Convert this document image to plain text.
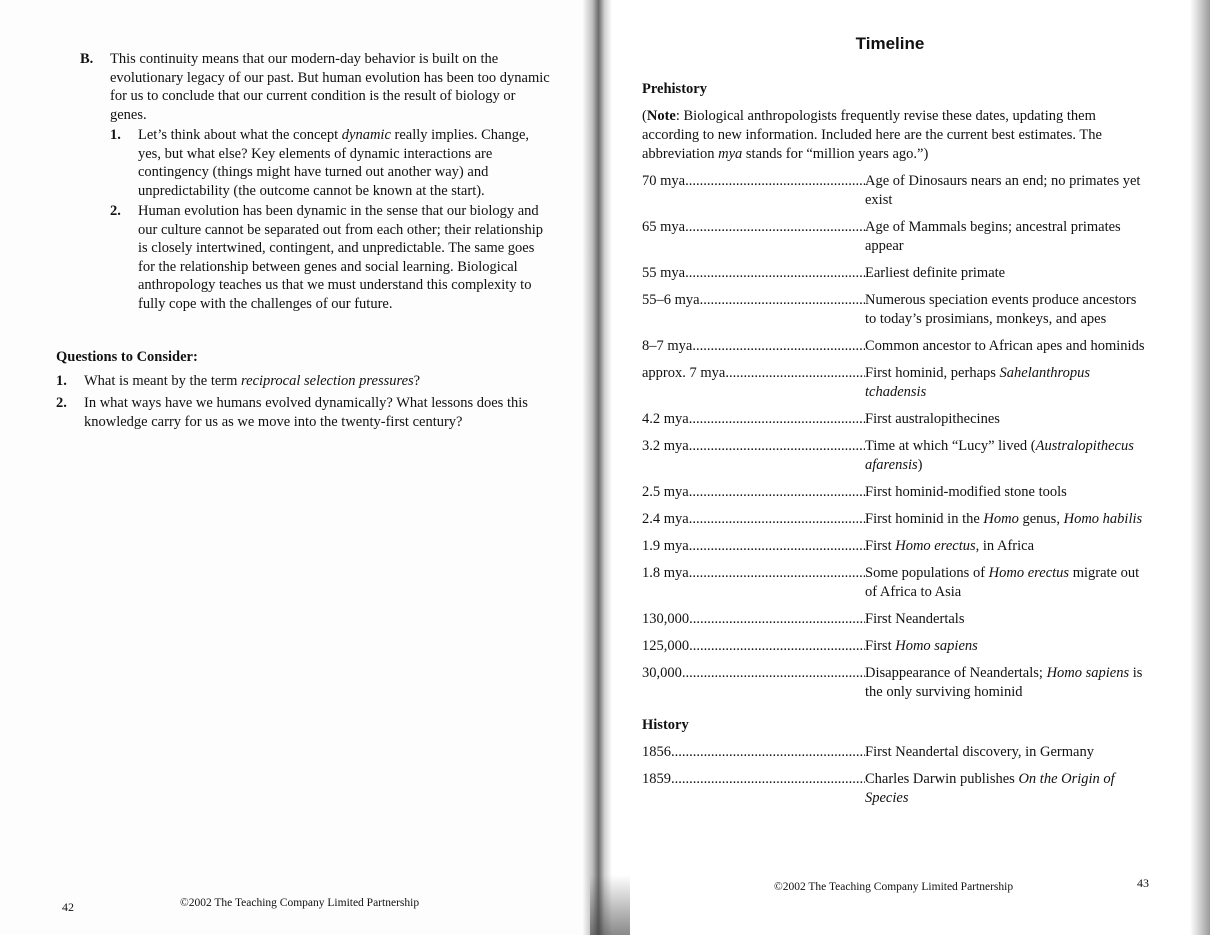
B. This continuity means that our modern-day behavior is built on the evolutionary legacy of our past. But human evolution has been too dynamic for us to conclude that our current condition is the result of biology or genes.
1. Let’s think about what the concept dynamic really implies. Change, yes, but what else? Key elements of dynamic interactions are contingency (things might have turned out another way) and unpredictability (the outcome cannot be known at the start).
2. Human evolution has been dynamic in the sense that our biology and our culture cannot be separated out from each other; their relationship is closely intertwined, contingent, and unpredictable. The same goes for the relationship between genes and social learning. Biological anthropology teaches us that we must understand this complexity to fully cope with the challenges of our future.
Questions to Consider:
1. What is meant by the term reciprocal selection pressures?
2. In what ways have we humans evolved dynamically? What lessons does this knowledge carry for us as we move into the twenty-first century?
42	©2002 The Teaching Company Limited Partnership
Timeline
Prehistory
(Note: Biological anthropologists frequently revise these dates, updating them according to new information. Included here are the current best estimates. The abbreviation mya stands for “million years ago.”)
70 mya .....	Age of Dinosaurs nears an end; no primates yet exist
65 mya .....	Age of Mammals begins; ancestral primates appear
55 mya .....	Earliest definite primate
55–6 mya .....	Numerous speciation events produce ancestors to today’s prosimians, monkeys, and apes
8–7 mya .....	Common ancestor to African apes and hominids
approx. 7 mya .....	First hominid, perhaps Sahelanthropus tchadensis
4.2 mya .....	First australopithecines
3.2 mya .....	Time at which “Lucy” lived (Australopithecus afarensis)
2.5 mya .....	First hominid-modified stone tools
2.4 mya .....	First hominid in the Homo genus, Homo habilis
1.9 mya .....	First Homo erectus, in Africa
1.8 mya .....	Some populations of Homo erectus migrate out of Africa to Asia
130,000 .....	First Neandertals
125,000 .....	First Homo sapiens
30,000 .....	Disappearance of Neandertals; Homo sapiens is the only surviving hominid
History
1856 .....	First Neandertal discovery, in Germany
1859 .....	Charles Darwin publishes On the Origin of Species
©2002 The Teaching Company Limited Partnership	43
